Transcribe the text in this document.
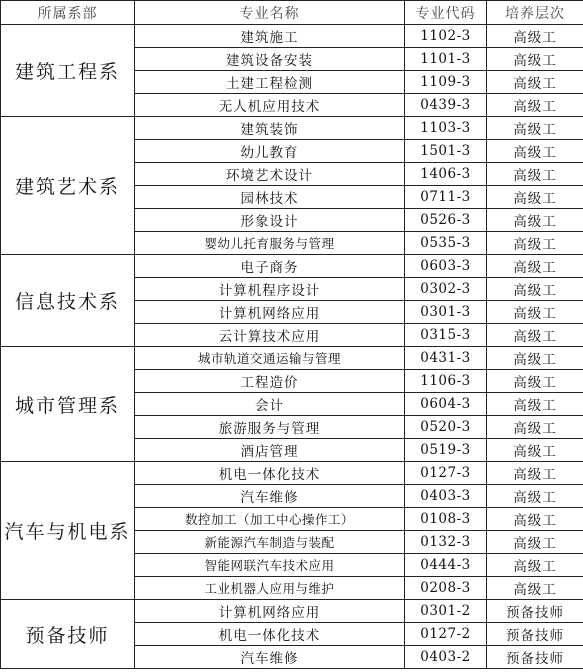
所属系部	专业名称	专业代码	培养层次
建筑工程系	建筑施工	1102-3	高级工
	建筑设备安装	1101-3	高级工
	土建工程检测	1109-3	高级工
	无人机应用技术	0439-3	高级工
建筑艺术系	建筑装饰	1103-3	高级工
	幼儿教育	1501-3	高级工
	环境艺术设计	1406-3	高级工
	园林技术	0711-3	高级工
	形象设计	0526-3	高级工
	婴幼儿托育服务与管理	0535-3	高级工
信息技术系	电子商务	0603-3	高级工
	计算机程序设计	0302-3	高级工
	计算机网络应用	0301-3	高级工
	云计算技术应用	0315-3	高级工
城市管理系	城市轨道交通运输与管理	0431-3	高级工
	工程造价	1106-3	高级工
	会计	0604-3	高级工
	旅游服务与管理	0520-3	高级工
	酒店管理	0519-3	高级工
汽车与机电系	机电一体化技术	0127-3	高级工
	汽车维修	0403-3	高级工
	数控加工（加工中心操作工）	0108-3	高级工
	新能源汽车制造与装配	0132-3	高级工
	智能网联汽车技术应用	0444-3	高级工
	工业机器人应用与维护	0208-3	高级工
预备技师	计算机网络应用	0301-2	预备技师
	机电一体化技术	0127-2	预备技师
	汽车维修	0403-2	预备技师
